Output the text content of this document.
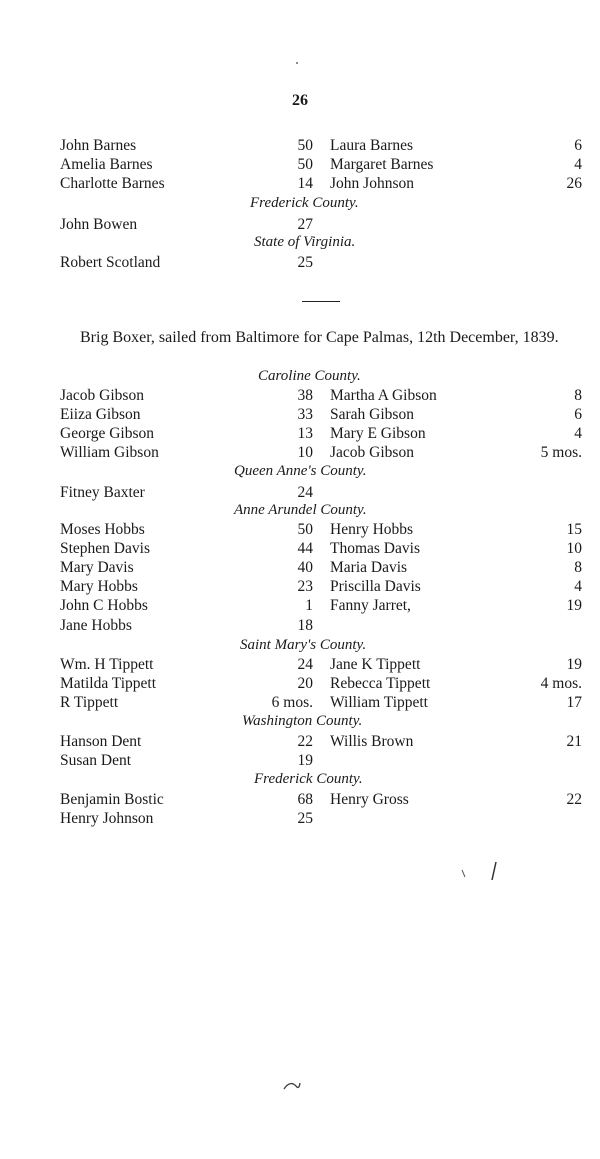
26
John Barnes	50 Laura Barnes	6
Amelia Barnes	50 Margaret Barnes	4
Charlotte Barnes	14 John Johnson	26
Frederick County.
John Bowen	27
State of Virginia.
Robert Scotland	25
Brig Boxer, sailed from Baltimore for Cape Palmas, 12th December, 1839.
Caroline County.
Jacob Gibson	38 Martha A Gibson	8
Eiiza Gibson	33 Sarah Gibson	6
George Gibson	13 Mary E Gibson	4
William Gibson	10 Jacob Gibson	5 mos.
Queen Anne's County.
Fitney Baxter	24
Anne Arundel County.
Moses Hobbs	50 Henry Hobbs	15
Stephen Davis	44 Thomas Davis	10
Mary Davis	40 Maria Davis	8
Mary Hobbs	23 Priscilla Davis	4
John C Hobbs	1 Fanny Jarret,	19
Jane Hobbs	18
Saint Mary's County.
Wm. H Tippett	24 Jane K Tippett	19
Matilda Tippett	20 Rebecca Tippett	4 mos.
R Tippett	6 mos. William Tippett	17
Washington County.
Hanson Dent	22 Willis Brown	21
Susan Dent	19
Frederick County.
Benjamin Bostic	68 Henry Gross	22
Henry Johnson	25
